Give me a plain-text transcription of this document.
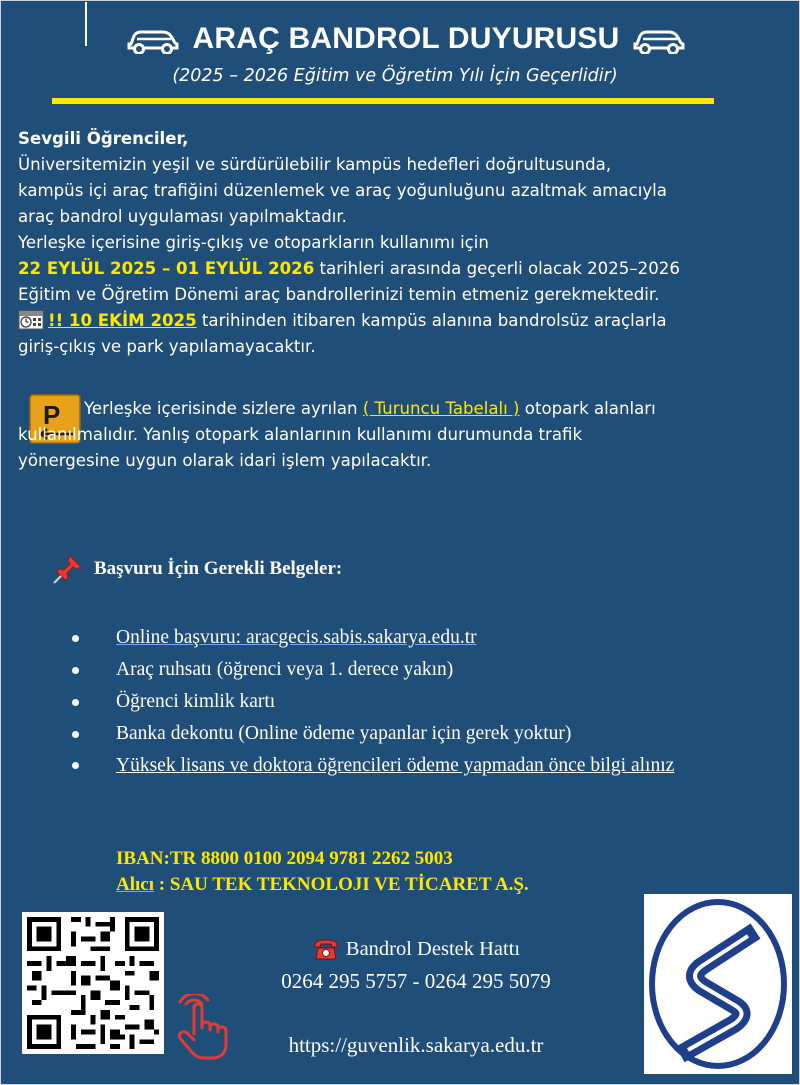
ARAÇ BANDROL DUYURUSU
(2025 – 2026 Eğitim ve Öğretim Yılı İçin Geçerlidir)
Sevgili Öğrenciler,
Üniversitemizin yeşil ve sürdürülebilir kampüs hedefleri doğrultusunda,
kampüs içi araç trafiğini düzenlemek ve araç yoğunluğunu azaltmak amacıyla
araç bandrol uygulaması yapılmaktadır.
Yerleşke içerisine giriş-çıkış ve otoparkların kullanımı için
22 EYLÜL 2025 – 01 EYLÜL 2026 tarihleri arasında geçerli olacak 2025–2026
Eğitim ve Öğretim Dönemi araç bandrollerinizi temin etmeniz gerekmektedir.
!! 10 EKİM 2025 tarihinden itibaren kampüs alanına bandrolsüz araçlarla
giriş-çıkış ve park yapılamayacaktır.
P	Yerleşke içerisinde sizlere ayrılan ( Turuncu Tabelalı ) otopark alanları
kullanılmalıdır. Yanlış otopark alanlarının kullanımı durumunda trafik
yönergesine uygun olarak idari işlem yapılacaktır.
Başvuru İçin Gerekli Belgeler:
Online başvuru: aracgecis.sabis.sakarya.edu.tr
Araç ruhsatı (öğrenci veya 1. derece yakın)
Öğrenci kimlik kartı
Banka dekontu (Online ödeme yapanlar için gerek yoktur)
Yüksek lisans ve doktora öğrencileri ödeme yapmadan önce bilgi alınız
IBAN:TR 8800 0100 2094 9781 2262 5003
Alıcı : SAU TEK TEKNOLOJI VE TİCARET A.Ş.
Bandrol Destek Hattı
0264 295 5757 - 0264 295 5079
https://guvenlik.sakarya.edu.tr
